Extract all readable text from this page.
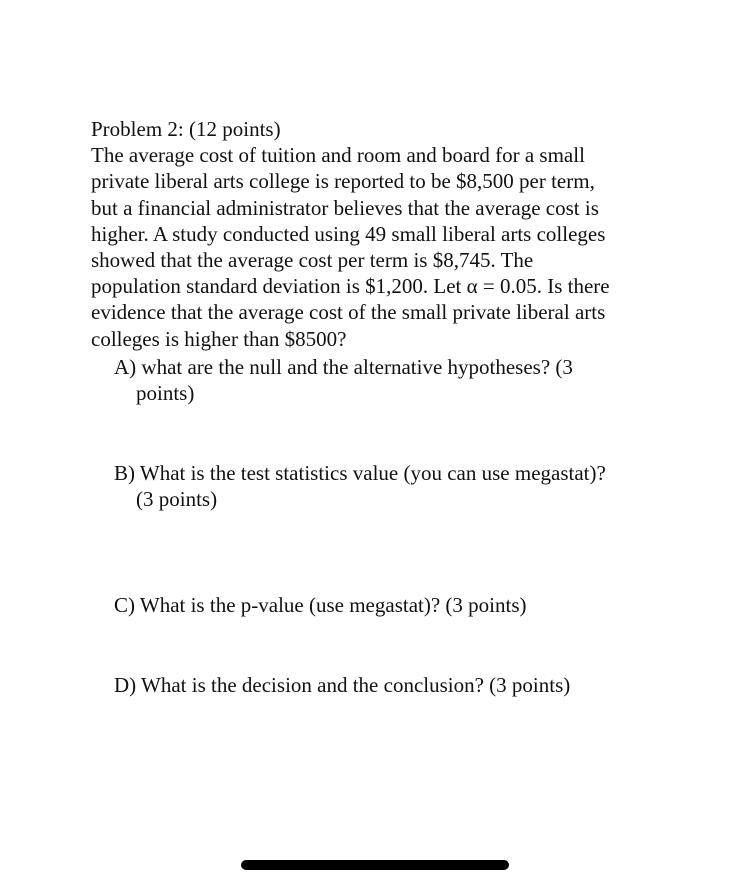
Problem 2: (12 points)
The average cost of tuition and room and board for a small
private liberal arts college is reported to be $8,500 per term,
but a financial administrator believes that the average cost is
higher. A study conducted using 49 small liberal arts colleges
showed that the average cost per term is $8,745. The
population standard deviation is $1,200. Let α = 0.05. Is there
evidence that the average cost of the small private liberal arts
colleges is higher than $8500?
A) what are the null and the alternative hypotheses? (3
points)
B) What is the test statistics value (you can use megastat)?
(3 points)
C) What is the p-value (use megastat)? (3 points)
D) What is the decision and the conclusion? (3 points)
